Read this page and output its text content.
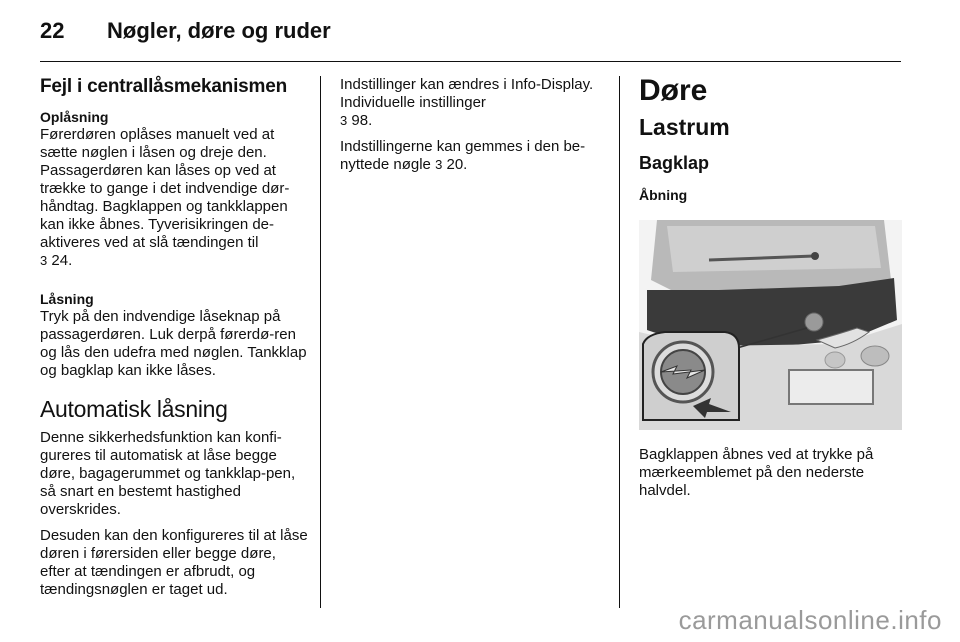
22 Nøgler, døre og ruder
Fejl i centrallåsmekanismen
Oplåsning

Førerdøren oplåses manuelt ved at sætte nøglen i låsen og dreje den. Passagerdøren kan låses op ved at trække to gange i det indvendige dør-håndtag. Bagklappen og tankklappen kan ikke åbnes. Tyverisikringen de-aktiveres ved at slå tændingen til
3 24.

Låsning

Tryk på den indvendige låseknap på passagerdøren. Luk derpå førerdø-ren og lås den udefra med nøglen. Tankklap og bagklap kan ikke låses.

Automatisk låsning

Denne sikkerhedsfunktion kan konfi-gureres til automatisk at låse begge døre, bagagerummet og tankklap-pen, så snart en bestemt hastighed overskrides.

Desuden kan den konfigureres til at låse døren i førersiden eller begge døre, efter at tændingen er afbrudt, og tændingsnøglen er taget ud.

Indstillinger kan ændres i Info-Display. Individuelle instillinger
3 98.

Indstillingerne kan gemmes i den be-nyttede nøgle 3 20.

Døre
Lastrum
Bagklap
Åbning

Bagklappen åbnes ved at trykke på mærkeemblemet på den nederste halvdel.

carmanualsonline.info
